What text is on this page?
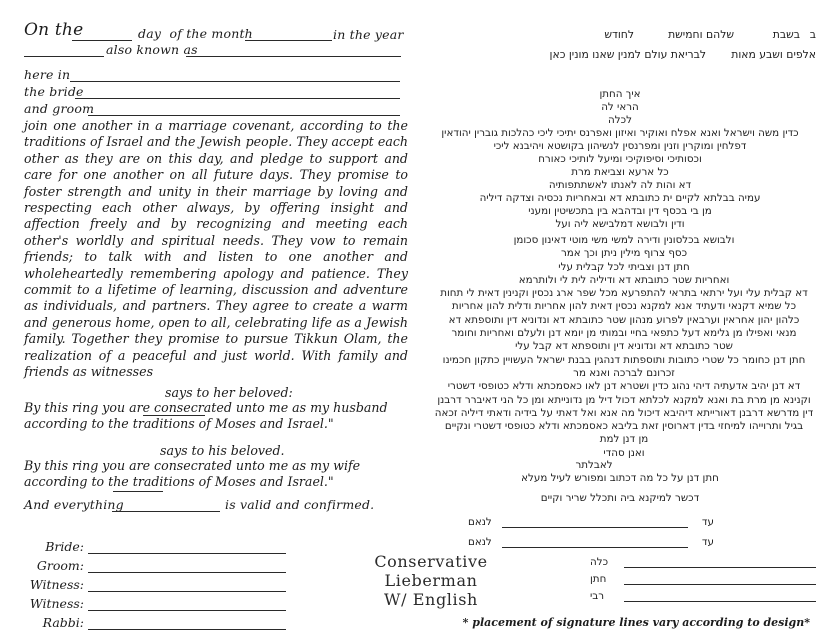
On the	day  of the month	in the year
also known as
here in
the bride
and groom
join one another in a marriage covenant, according to the traditions of Israel and the Jewish people. They accept each other as they are on this day, and pledge to support and care for one another on all future days. They promise to foster strength and unity in their marriage by loving and respecting each other always, by offering insight and affection freely and by recognizing and meeting each other's worldly and spiritual needs. They vow to remain friends; to talk with and listen to one another and wholeheartedly remembering apology and patience. They commit to a lifetime of learning, discussion and adventure as individuals, and partners. They agree to create a warm and generous home, open to all, celebrating life as a Jewish family. Together they promise to pursue Tikkun Olam, the realization of a peaceful and just world. With family and friends as witnesses
says to her beloved:
By this ring you are consecrated unto me as my husband according to the traditions of Moses and Israel."
says to his beloved.
By this ring you are consecrated unto me as my wife according to the traditions of Moses and Israel."
And everything	is valid and confirmed.
Bride:
Groom:
Witness:
Witness:
Rabbi:
ב
בשבת
שלהם וחמישת
לחודש
אלפים ושבע מאות
לבריאת עולם למנין שאנו מונין כאן
איך החתן
הראי לה
לכלה
כדין משה וישראל ואנא אפלח ואוקיר ואיזון ואפרנס יתיכי ליכי כהלכות גוברין יהודאין
דפלחין ומוקרין וזנין ומפרנסין לנשיהון בקושטא ויהיבנא ליכי
וכסותיכי וסיפוקיכי ומיעל לותיכי כאורח
כל ארעא וצביאת מרת
דא והות לה לאנתו לאשתתפותיה
עמיה בבלתא לקיים ית כתובתא דא ובאחריות נכסיה וצדקה דיליה
מן בי בכסף דין ובדהבא בין בתכשיטין ומעני
ודין ולבושא דמלבישא ליה ועל
ולבושא בכלסונין ודירה למשי משי מוטי דאינון סכומן
כסף צרוף מילין ניתן וכך אמר
חתן דנן וצביתי לכל קבלית עלי
ואחריות שטר כתובתא דא ודיליה לית לי ולותרמא
דא קבלית עלי ועל ירתאי בתראי להתפרעא מכל שפר ארג נכסין וקנינין דאית לי תחות
כל שמיא דקנאי ודעתיד אנא למקנא נכסין דאית להון אחריות ודלית להון אחריות
כלהון יהון אחראין וערבאין לפרוע מנהון שטר כתובתא דא ונדוניא דין ותוספתא דא
מנאי ואפילו מן גלימא דעל כתפאי בחיי ובמותי מן יומא דנן ולעלם ואחריות וחומר
שטר כתובתא דא ונדוניא דין ותוספתא דא קבל עלי
חתן דנן כחומר כל שטרי כתובות ותוספתות דנהגין בבנת ישראל העשויין כתקון חכמינו
זכרונם לברכה ואנא מר
דא דנן יהיב אדעתיה דיהי נהוג כדין ושטרא דנן לאו כאסמכתא ודלא כטופסי דשטרי
וקנינא מן מרת בת ואנא למקנא לכלתא דכול דיל מן נדונייתא ומן כל הני דאיברר דרבנן
דין מדרשא דרבנן דאורייתא דיהיבא דיכול מה אנא ואל דאתי על בידיה ודאתי דיליה זכאה
בגיל ותרוייהו למיחזי בדין דארוסין זאת בליבא כאסמכתא ודלא כטופסי דשטרי ונקיים
מן דנן למת
ואנן סהדי
לאבלתר
חתן דנן על כל מה דכתוב ומפורש לעיל מעלא
דכשר למיקנא ביה ותכלל שריר וקיים
עד
לנאם
עד
לנאם
כלה
חתן
רבי
Conservative Lieberman
W/ English
* placement of signature lines vary according to design*
